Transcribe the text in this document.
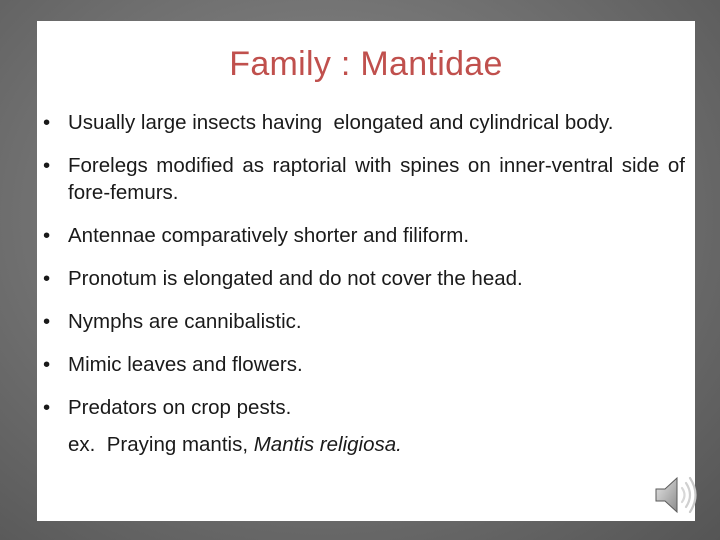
Family : Mantidae
• Usually large insects having  elongated and cylindrical body.
• Forelegs modified as raptorial with spines on inner-ventral side of fore-femurs.
• Antennae comparatively shorter and filiform.
• Pronotum is elongated and do not cover the head.
• Nymphs are cannibalistic.
• Mimic leaves and flowers.
• Predators on crop pests.
ex.  Praying mantis, Mantis religiosa.
